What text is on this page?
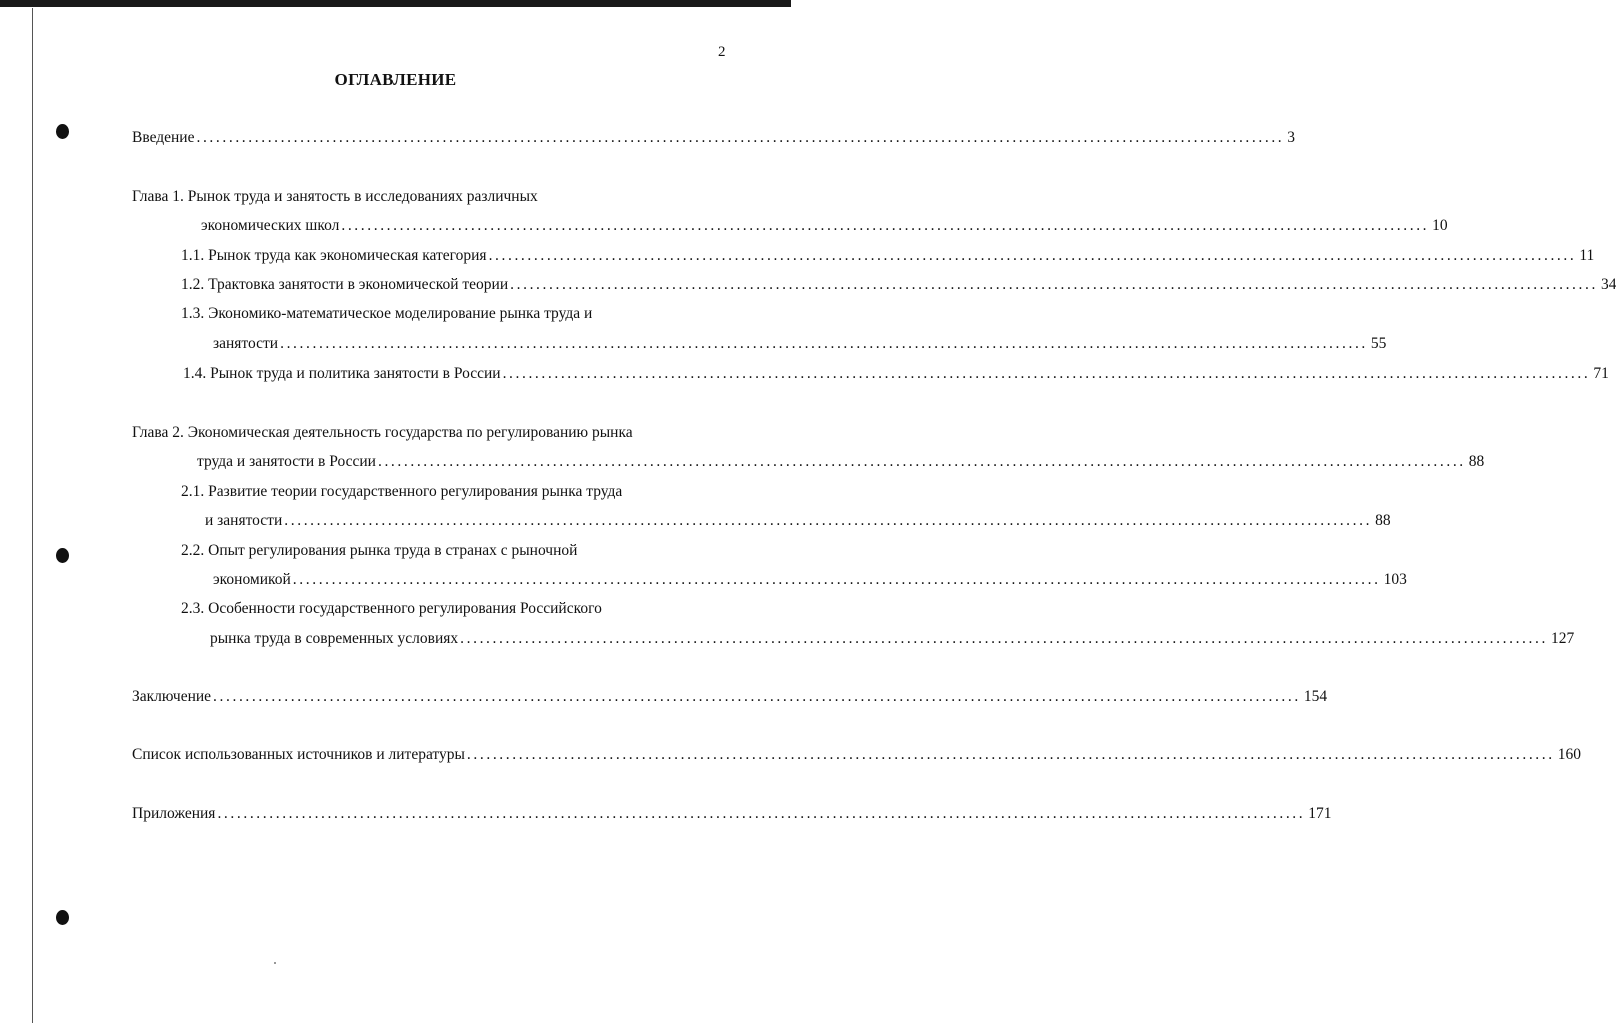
2
ОГЛАВЛЕНИЕ
Введение ........................................................................................................................................................................ 3
Глава 1. Рынок труда и занятость в исследованиях различных
экономических школ ........................................................................................................................................................................ 10
1.1. Рынок труда как экономическая категория ........................................................................................................................................................................ 11
1.2. Трактовка занятости в экономической теории ........................................................................................................................................................................ 34
1.3. Экономико-математическое моделирование рынка труда и
занятости ........................................................................................................................................................................ 55
1.4. Рынок труда и политика занятости в России ........................................................................................................................................................................ 71
Глава 2. Экономическая деятельность государства по регулированию рынка
труда и занятости в России ........................................................................................................................................................................ 88
2.1. Развитие теории государственного регулирования рынка труда
и занятости ........................................................................................................................................................................ 88
2.2. Опыт регулирования рынка труда в странах с рыночной
экономикой ........................................................................................................................................................................ 103
2.3. Особенности государственного регулирования Российского
рынка труда в современных условиях ........................................................................................................................................................................ 127
Заключение ........................................................................................................................................................................ 154
Список использованных источников и литературы ........................................................................................................................................................................ 160
Приложения ........................................................................................................................................................................ 171
